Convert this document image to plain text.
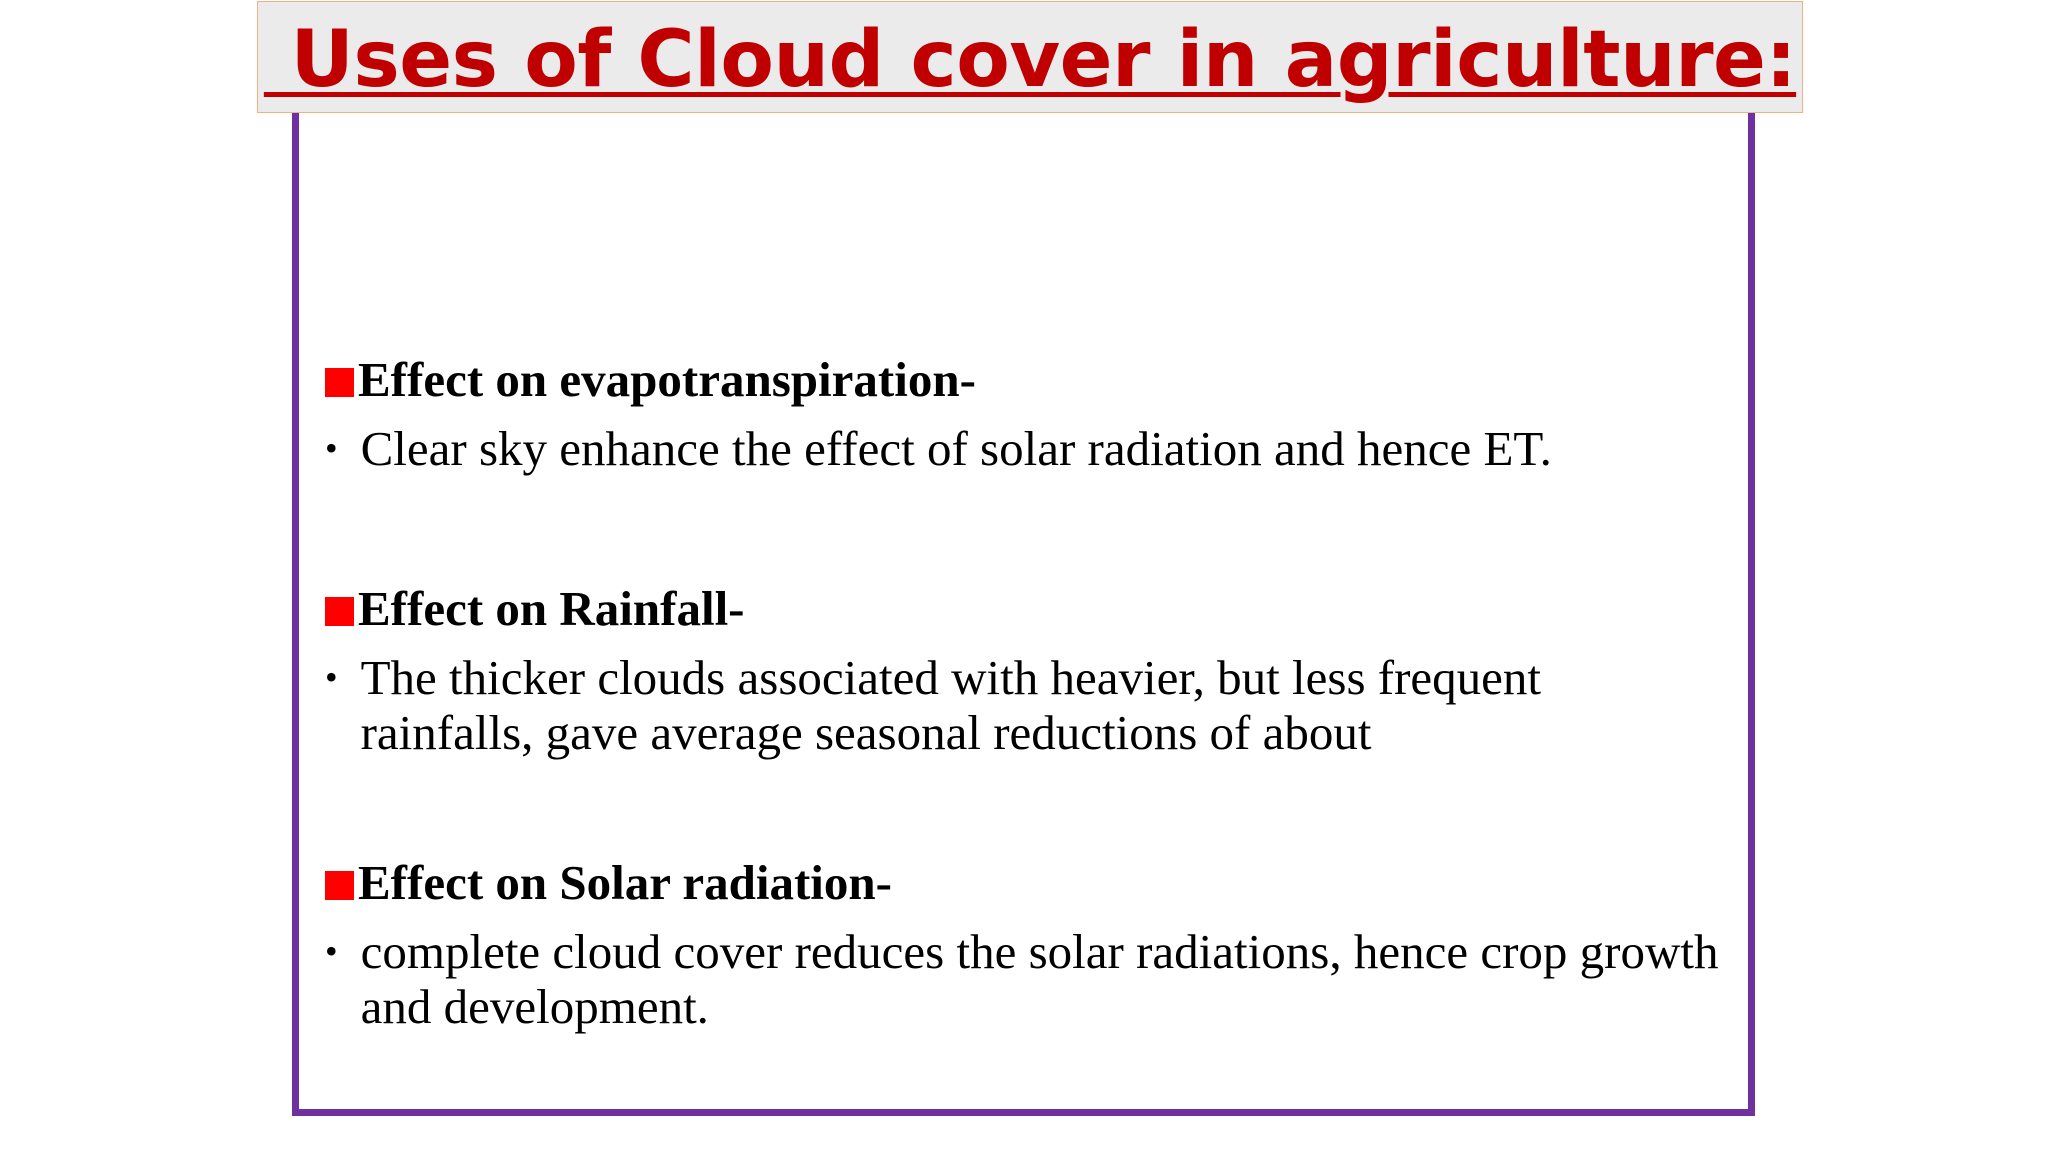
Uses of Cloud cover in agriculture:
Effect on evapotranspiration-
• Clear sky enhance the effect of solar radiation and hence ET.
Effect on Rainfall-
• The thicker clouds associated with heavier, but less frequent rainfalls, gave average seasonal reductions of about
Effect on Solar radiation-
• complete cloud cover reduces the solar radiations, hence crop growth and development.
